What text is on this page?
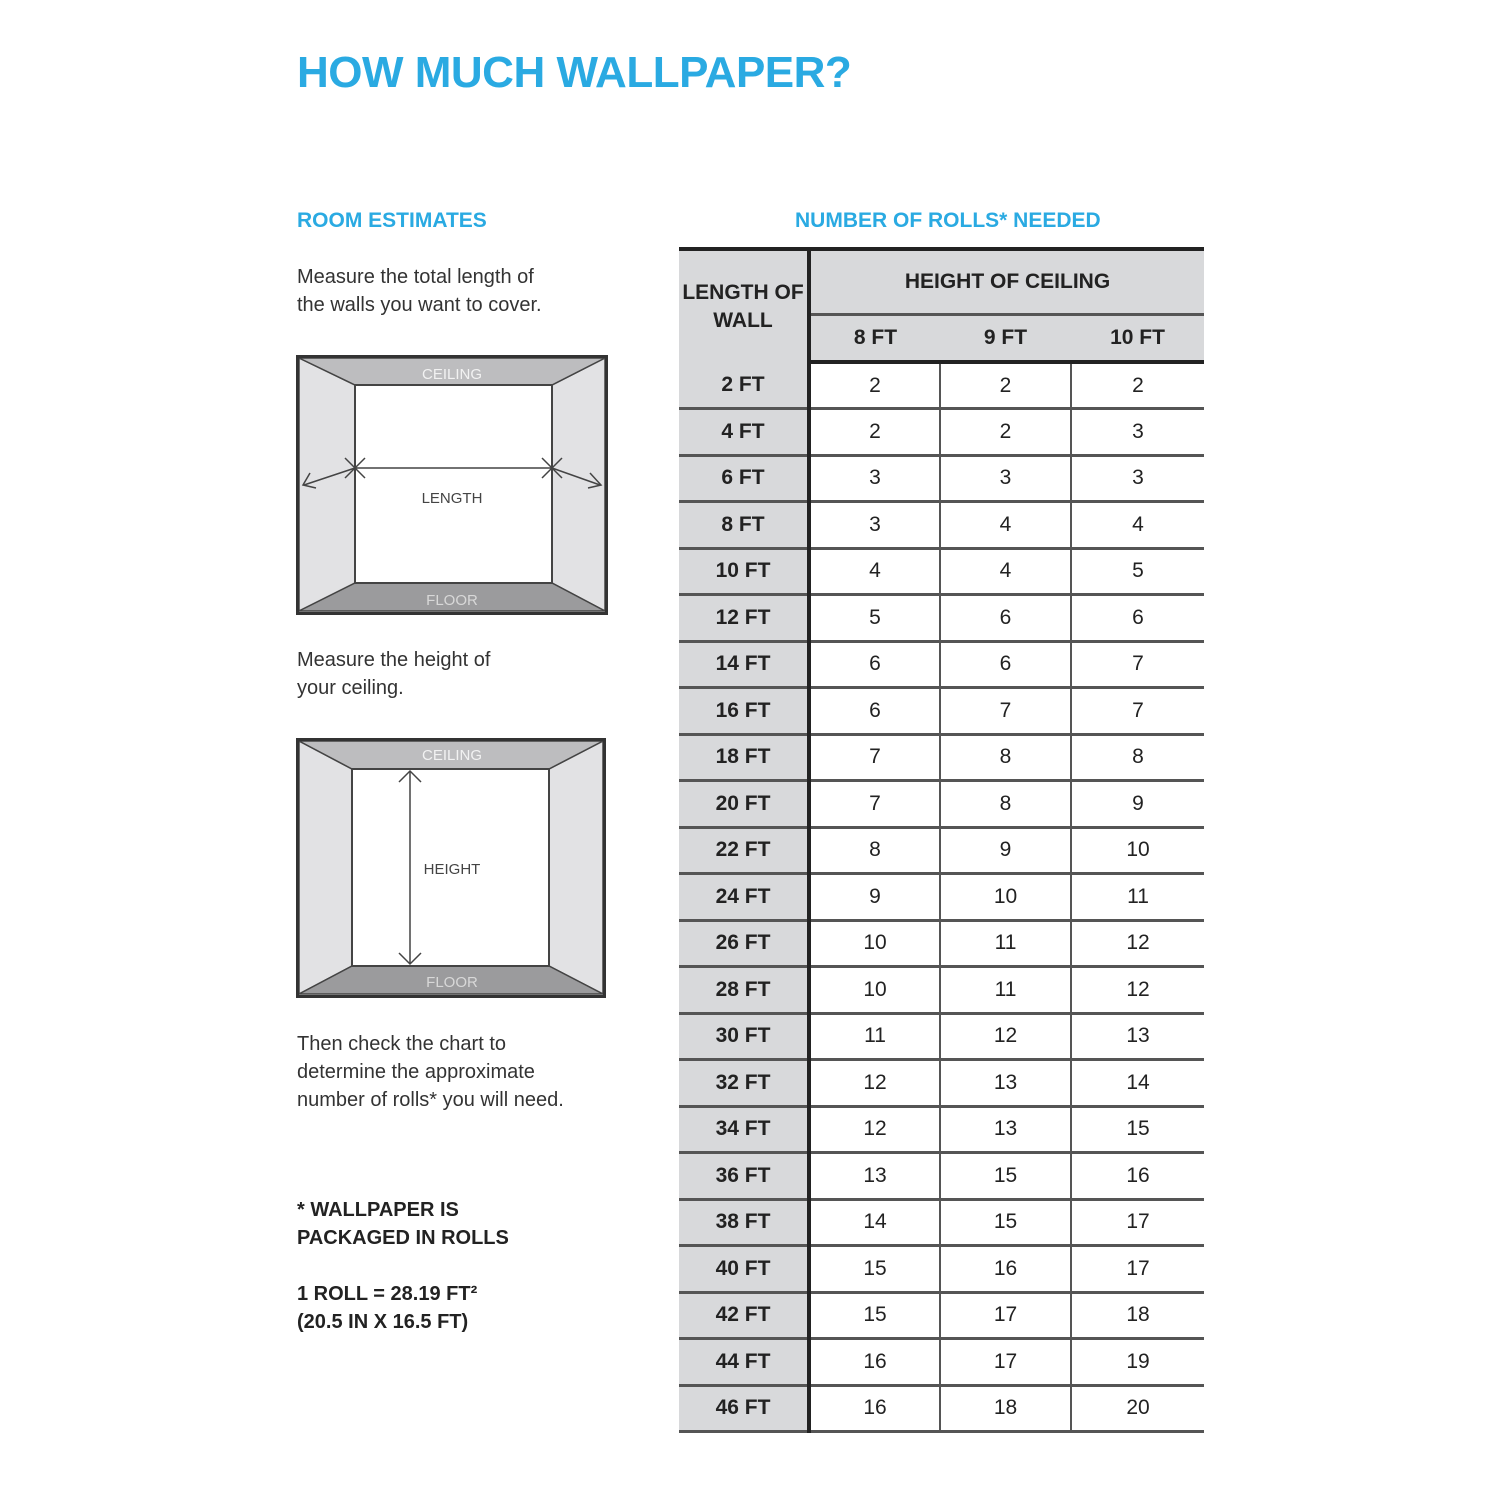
HOW MUCH WALLPAPER?
ROOM ESTIMATES

Measure the total length of
the walls you want to cover.

CEILING
LENGTH
FLOOR

Measure the height of
your ceiling.

CEILING
HEIGHT
FLOOR

Then check the chart to
determine the approximate
number of rolls* you will need.

* WALLPAPER IS
PACKAGED IN ROLLS

1 ROLL = 28.19 FT²
(20.5 IN X 16.5 FT)

NUMBER OF ROLLS* NEEDED
LENGTH OF WALL	HEIGHT OF CEILING		
	8 FT	9 FT	10 FT
2 FT	2	2	2
4 FT	2	2	3
6 FT	3	3	3
8 FT	3	4	4
10 FT	4	4	5
12 FT	5	6	6
14 FT	6	6	7
16 FT	6	7	7
18 FT	7	8	8
20 FT	7	8	9
22 FT	8	9	10
24 FT	9	10	11
26 FT	10	11	12
28 FT	10	11	12
30 FT	11	12	13
32 FT	12	13	14
34 FT	12	13	15
36 FT	13	15	16
38 FT	14	15	17
40 FT	15	16	17
42 FT	15	17	18
44 FT	16	17	19
46 FT	16	18	20
